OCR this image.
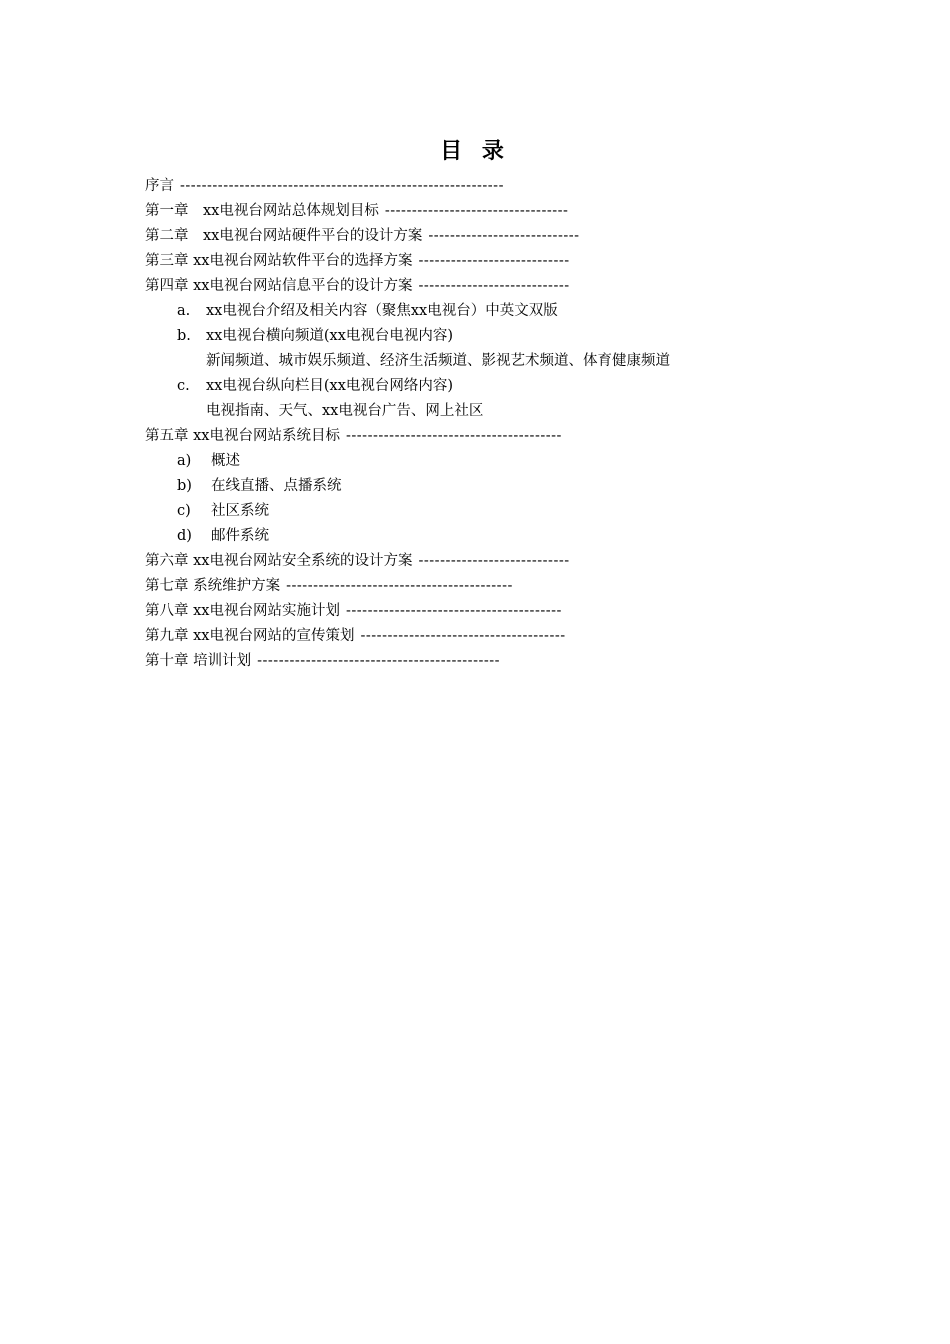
目 录
序言 ------------------------------------------------------------
第一章　xx电视台网站总体规划目标 ----------------------------------
第二章　xx电视台网站硬件平台的设计方案 ----------------------------
第三章 xx电视台网站软件平台的选择方案 ----------------------------
第四章 xx电视台网站信息平台的设计方案 ----------------------------
a. xx电视台介绍及相关内容（聚焦xx电视台）中英文双版
b. xx电视台横向频道(xx电视台电视内容)
新闻频道、城市娱乐频道、经济生活频道、影视艺术频道、体育健康频道
c. xx电视台纵向栏目(xx电视台网络内容)
电视指南、天气、xx电视台广告、网上社区
第五章 xx电视台网站系统目标 ----------------------------------------
a) 概述
b) 在线直播、点播系统
c) 社区系统
d) 邮件系统
第六章 xx电视台网站安全系统的设计方案 ----------------------------
第七章 系统维护方案 ------------------------------------------
第八章 xx电视台网站实施计划 ----------------------------------------
第九章 xx电视台网站的宣传策划 --------------------------------------
第十章 培训计划 ---------------------------------------------
